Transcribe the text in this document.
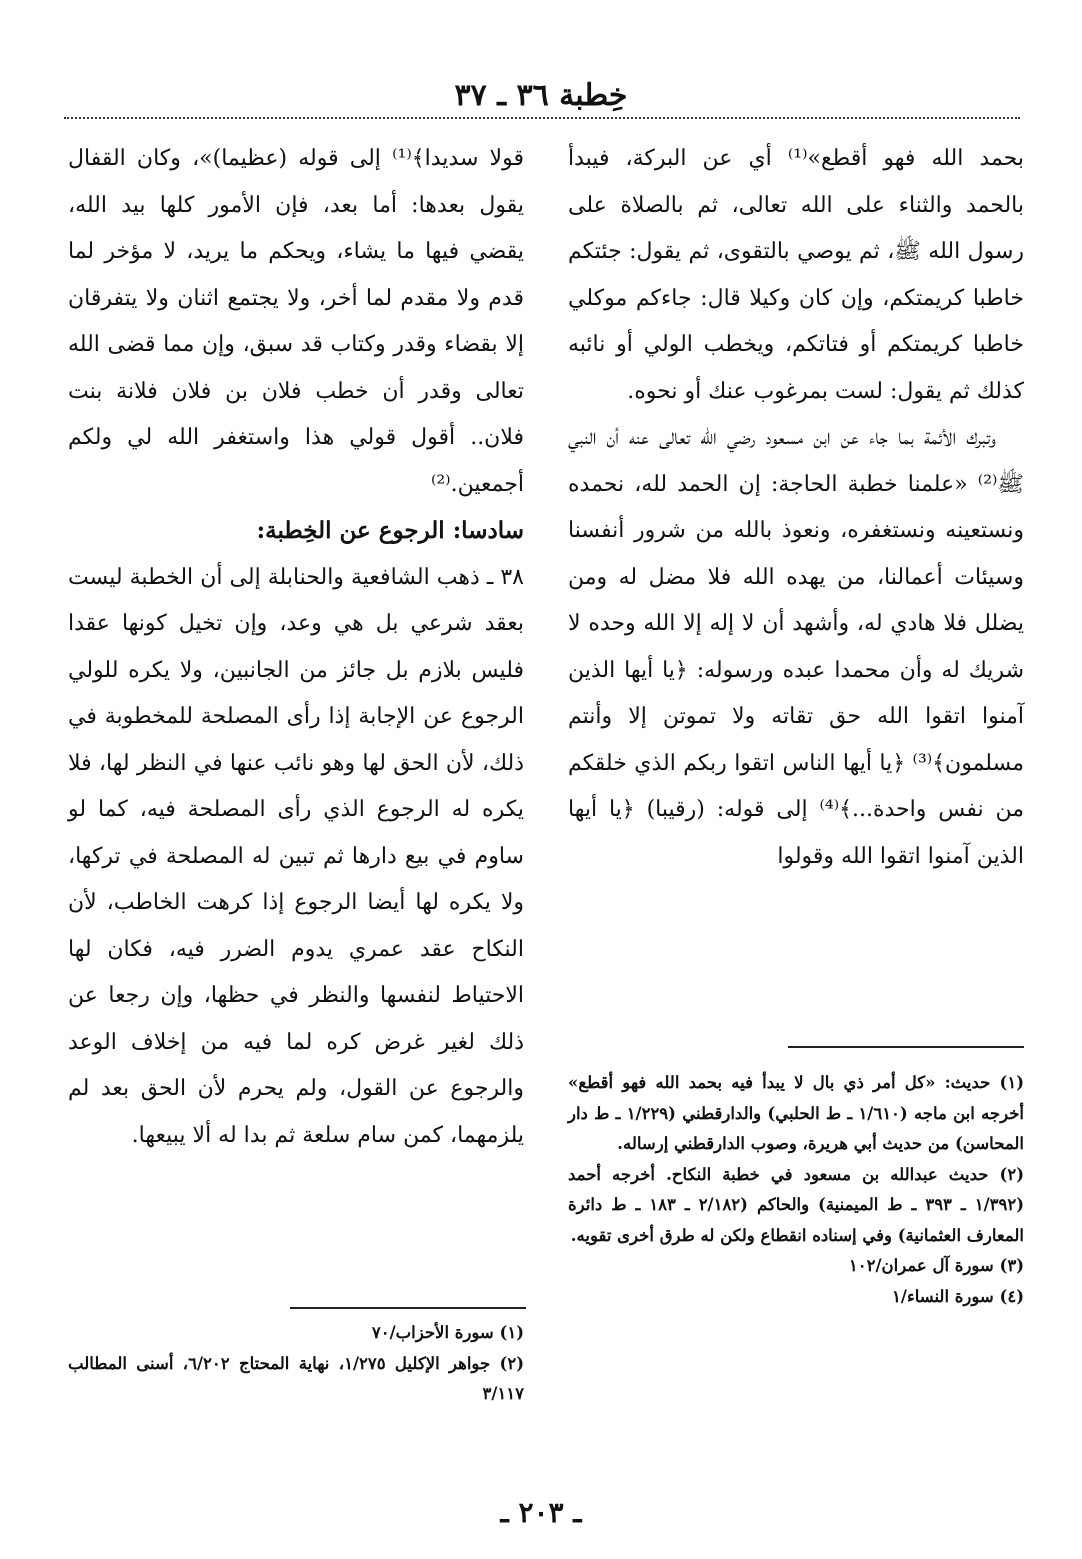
خِطبة ٣٦ ـ ٣٧

بحمد الله فهو أقطع»⁽¹⁾ أي عن البركة، فيبدأ بالحمد والثناء على الله تعالى، ثم بالصلاة على رسول الله ﷺ، ثم يوصي بالتقوى، ثم يقول: جئتكم خاطبا كريمتكم، وإن كان وكيلا قال: جاءكم موكلي خاطبا كريمتكم أو فتاتكم، ويخطب الولي أو نائبه كذلك ثم يقول: لست بمرغوب عنك أو نحوه.

وتبرك الأئمة بما جاء عن ابن مسعود رضي الله تعالى عنه أن النبي ﷺ⁽²⁾ «علمنا خطبة الحاجة: إن الحمد لله، نحمده ونستعينه ونستغفره، ونعوذ بالله من شرور أنفسنا وسيئات أعمالنا، من يهده الله فلا مضل له ومن يضلل فلا هادي له، وأشهد أن لا إله إلا الله وحده لا شريك له وأن محمدا عبده ورسوله: ﴿يا أيها الذين آمنوا اتقوا الله حق تقاته ولا تموتن إلا وأنتم مسلمون﴾⁽³⁾ ﴿يا أيها الناس اتقوا ربكم الذي خلقكم من نفس واحدة...﴾⁽⁴⁾ إلى قوله: (رقيبا) ﴿يا أيها الذين آمنوا اتقوا الله وقولوا

(١) حديث: «كل أمر ذي بال لا يبدأ فيه بحمد الله فهو أقطع» أخرجه ابن ماجه (١/٦١٠ ـ ط الحلبي) والدارقطني (١/٢٢٩ ـ ط دار المحاسن) من حديث أبي هريرة، وصوب الدارقطني إرساله.

(٢) حديث عبدالله بن مسعود في خطبة النكاح. أخرجه أحمد (١/٣٩٢ ـ ٣٩٣ ـ ط الميمنية) والحاكم (٢/١٨٢ ـ ١٨٣ ـ ط دائرة المعارف العثمانية) وفي إسناده انقطاع ولكن له طرق أخرى تقويه.

(٣) سورة آل عمران/١٠٢

(٤) سورة النساء/١

قولا سديدا﴾⁽¹⁾ إلى قوله (عظيما)»، وكان القفال يقول بعدها: أما بعد، فإن الأمور كلها بيد الله، يقضي فيها ما يشاء، ويحكم ما يريد، لا مؤخر لما قدم ولا مقدم لما أخر، ولا يجتمع اثنان ولا يتفرقان إلا بقضاء وقدر وكتاب قد سبق، وإن مما قضى الله تعالى وقدر أن خطب فلان بن فلان فلانة بنت فلان.. أقول قولي هذا واستغفر الله لي ولكم أجمعين.⁽²⁾

سادسا: الرجوع عن الخِطبة:

٣٨ ـ ذهب الشافعية والحنابلة إلى أن الخطبة ليست بعقد شرعي بل هي وعد، وإن تخيل كونها عقدا فليس بلازم بل جائز من الجانبين، ولا يكره للولي الرجوع عن الإجابة إذا رأى المصلحة للمخطوبة في ذلك، لأن الحق لها وهو نائب عنها في النظر لها، فلا يكره له الرجوع الذي رأى المصلحة فيه، كما لو ساوم في بيع دارها ثم تبين له المصلحة في تركها، ولا يكره لها أيضا الرجوع إذا كرهت الخاطب، لأن النكاح عقد عمري يدوم الضرر فيه، فكان لها الاحتياط لنفسها والنظر في حظها، وإن رجعا عن ذلك لغير غرض كره لما فيه من إخلاف الوعد والرجوع عن القول، ولم يحرم لأن الحق بعد لم يلزمهما، كمن سام سلعة ثم بدا له ألا يبيعها.

(١) سورة الأحزاب/٧٠

(٢) جواهر الإكليل ١/٢٧٥، نهاية المحتاج ٦/٢٠٢، أسنى المطالب ٣/١١٧

ـ ٢٠٣ ـ
